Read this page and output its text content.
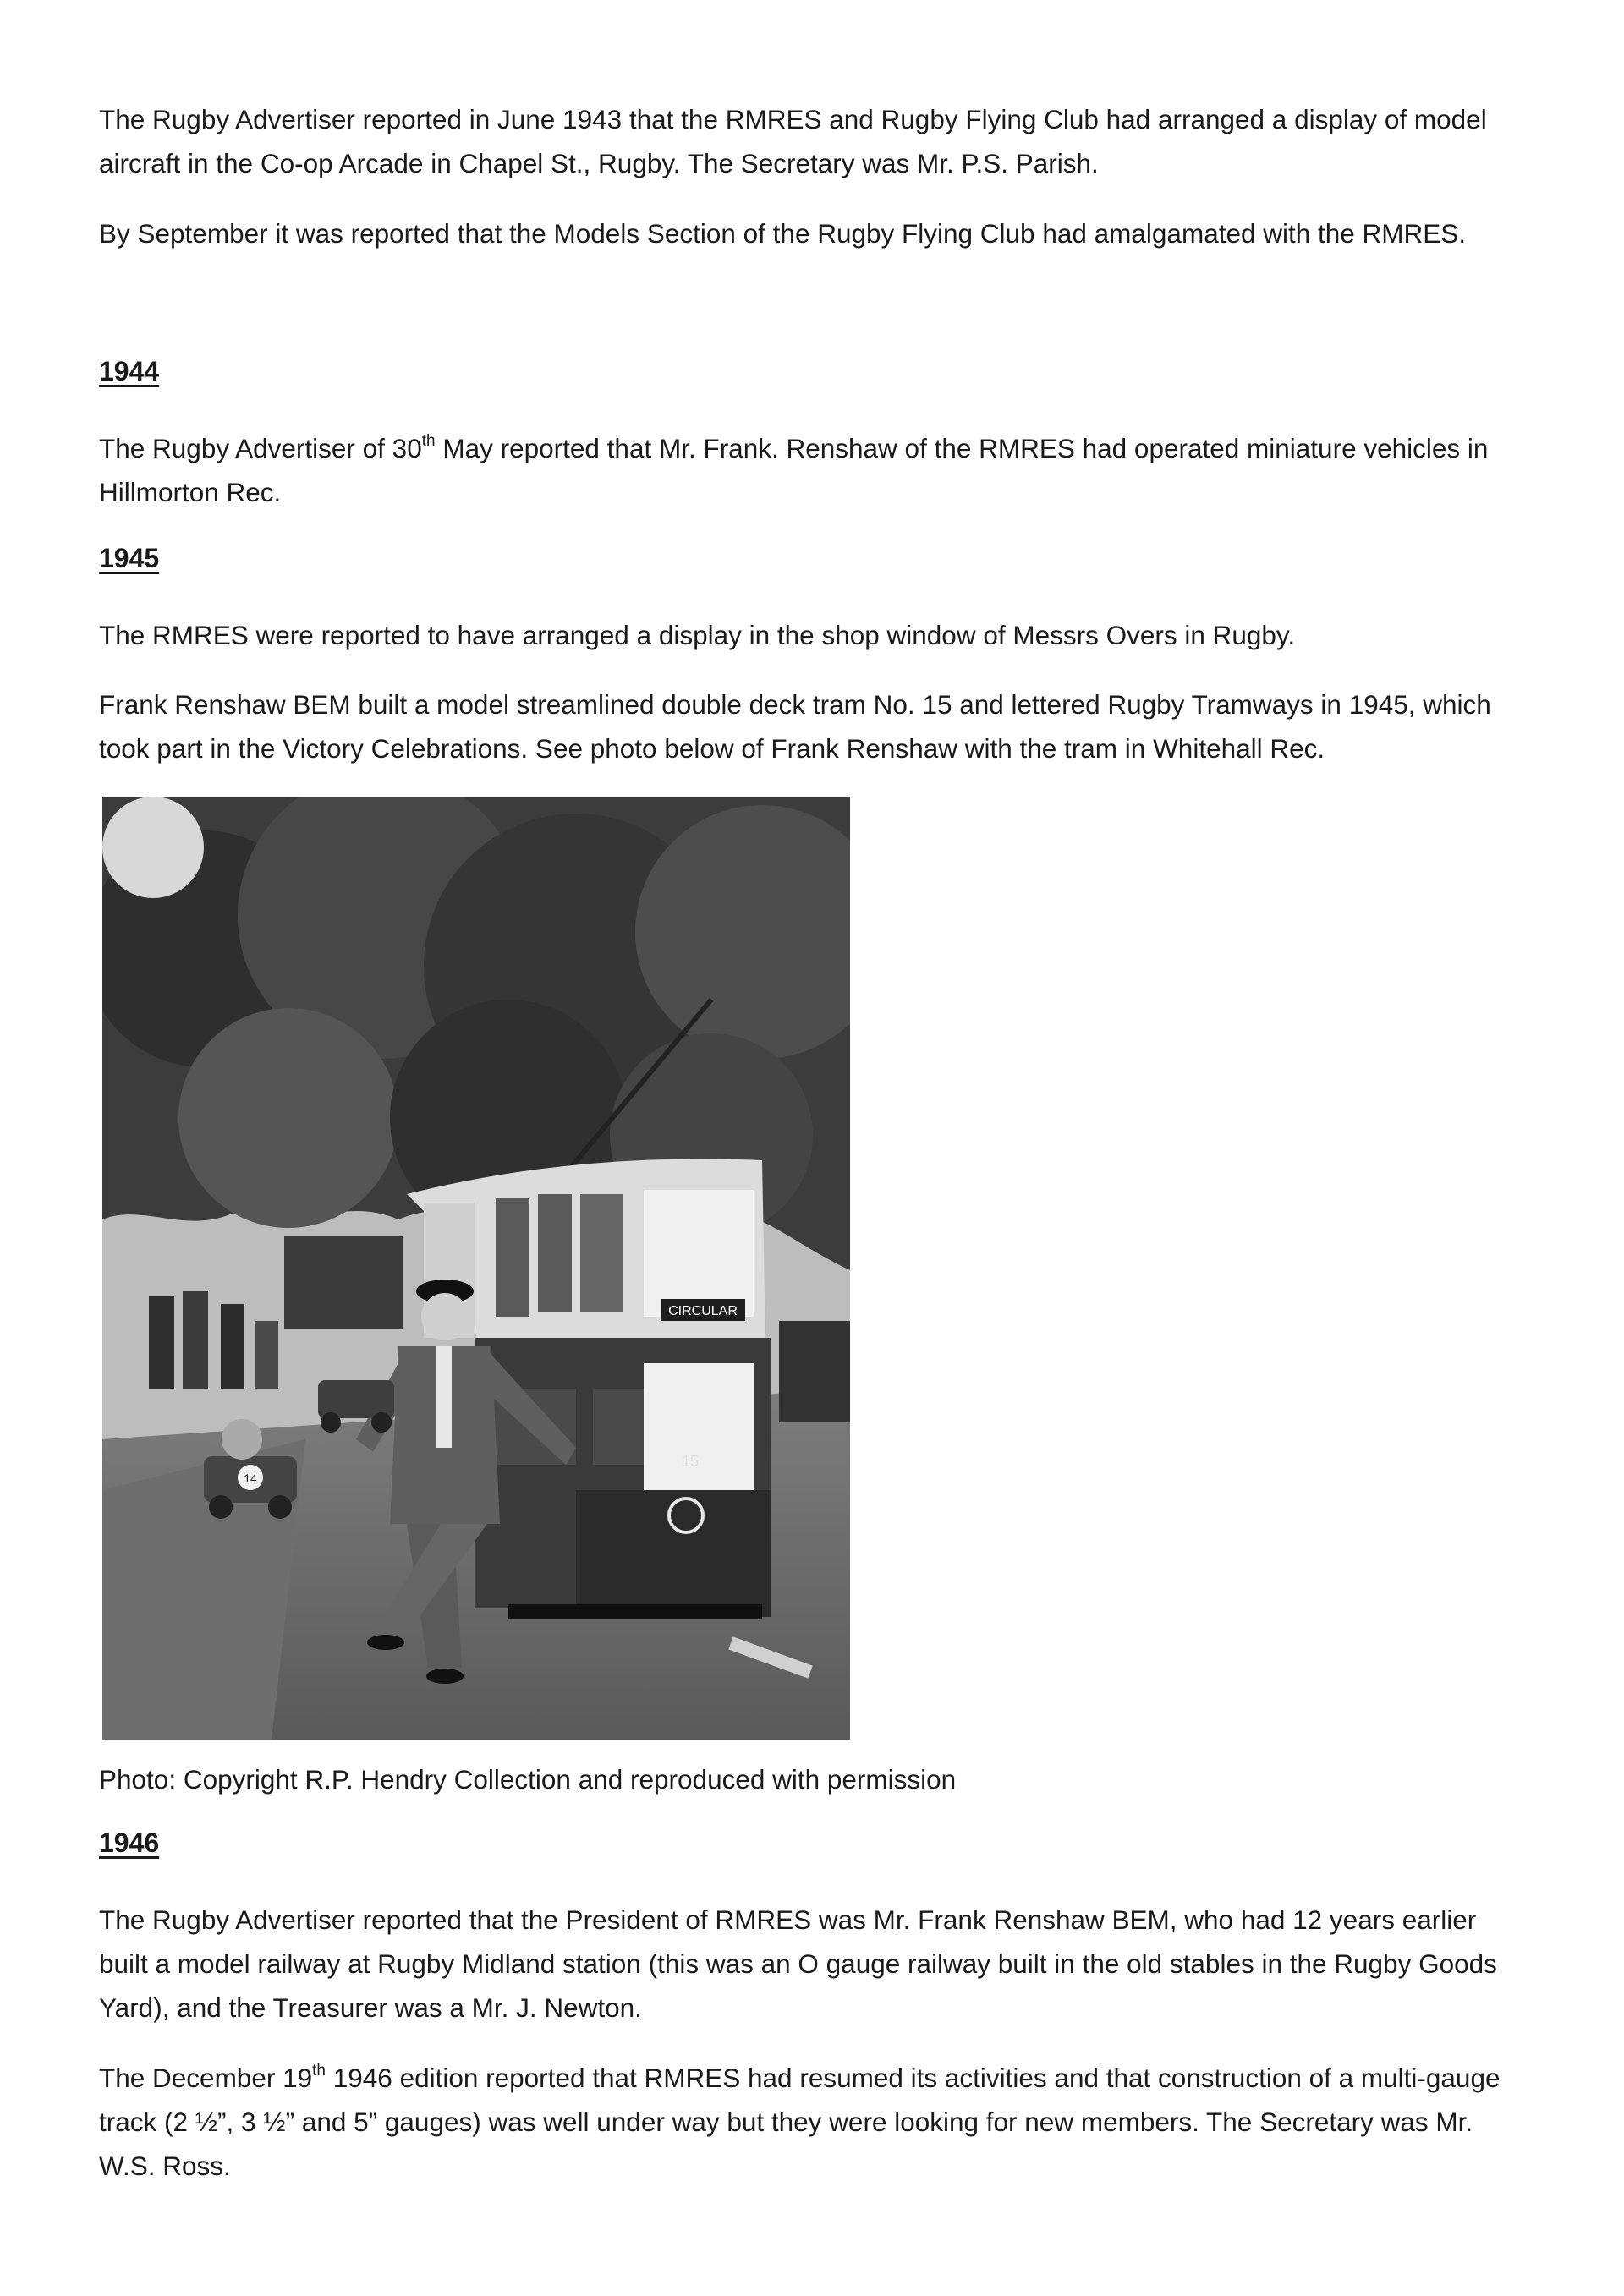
The Rugby Advertiser reported in June 1943 that the RMRES and Rugby Flying Club had arranged a display of model aircraft in the Co-op Arcade in Chapel St., Rugby. The Secretary was Mr. P.S. Parish.

By September it was reported that the Models Section of the Rugby Flying Club had amalgamated with the RMRES.

1944

The Rugby Advertiser of 30th May reported that Mr. Frank. Renshaw of the RMRES had operated miniature vehicles in Hillmorton Rec.

1945

The RMRES were reported to have arranged a display in the shop window of Messrs Overs in Rugby.

Frank Renshaw BEM built a model streamlined double deck tram No. 15 and lettered Rugby Tramways in 1945, which took part in the Victory Celebrations. See photo below of Frank Renshaw with the tram in Whitehall Rec.

CIRCULAR
15
14

Photo: Copyright R.P. Hendry Collection and reproduced with permission

1946

The Rugby Advertiser reported that the President of RMRES was Mr. Frank Renshaw BEM, who had 12 years earlier built a model railway at Rugby Midland station (this was an O gauge railway built in the old stables in the Rugby Goods Yard), and the Treasurer was a Mr. J. Newton.

The December 19th 1946 edition reported that RMRES had resumed its activities and that construction of a multi-gauge track (2 ½”, 3 ½” and 5” gauges) was well under way but they were looking for new members. The Secretary was Mr. W.S. Ross.
